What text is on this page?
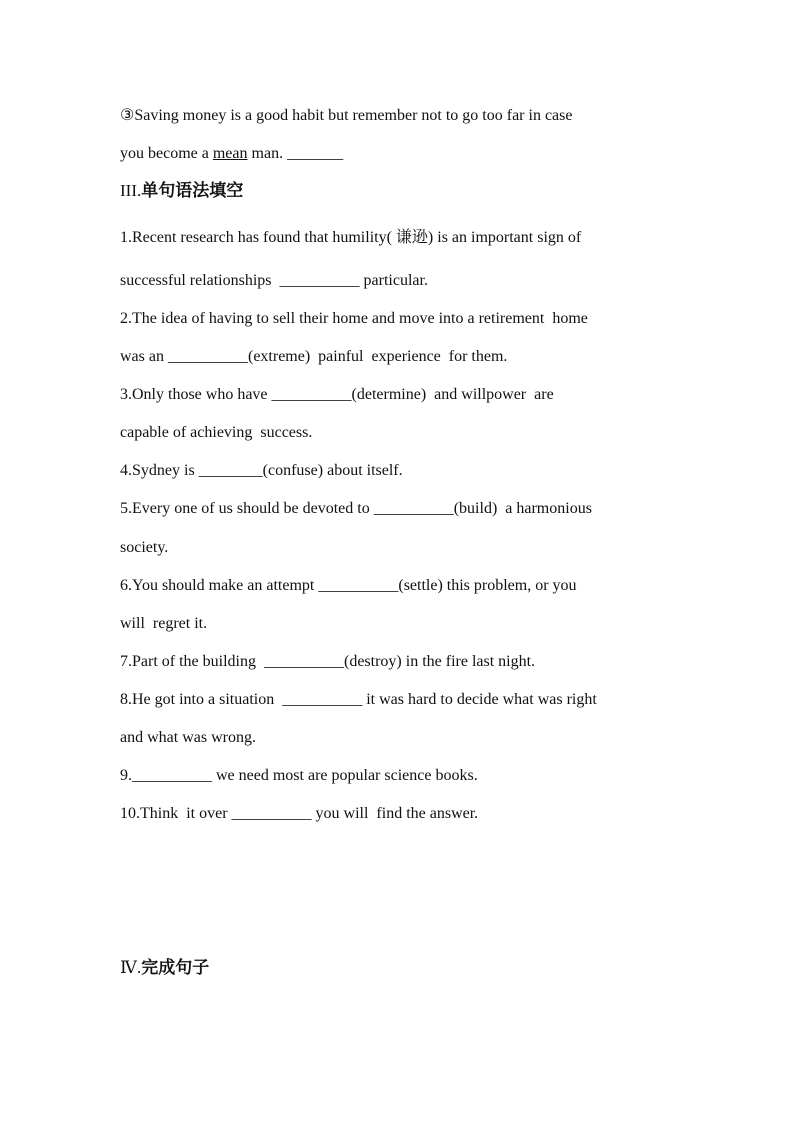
③Saving money is a good habit but remember not to go too far in case
you become a mean man. _______
III.单句语法填空
1.Recent research has found that humility( 谦逊) is an important sign of
successful relationships  __________ particular.
2.The idea of having to sell their home and move into a retirement  home
was an __________(extreme)  painful  experience  for them.
3.Only those who have __________(determine)  and willpower  are
capable of achieving  success.
4.Sydney is ________(confuse) about itself.
5.Every one of us should be devoted to __________(build)  a harmonious
society.
6.You should make an attempt __________(settle) this problem, or you
will  regret it.
7.Part of the building  __________(destroy) in the fire last night.
8.He got into a situation  __________ it was hard to decide what was right
and what was wrong.
9.__________ we need most are popular science books.
10.Think  it over __________ you will  find the answer.
Ⅳ.完成句子
